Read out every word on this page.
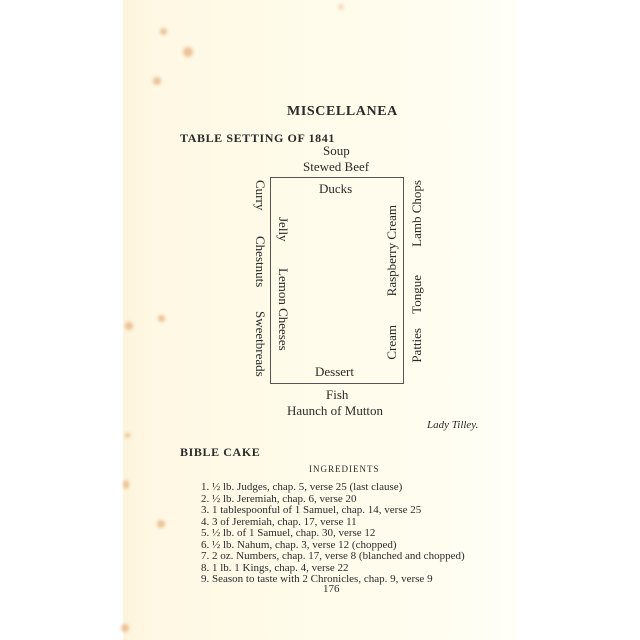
MISCELLANEA
TABLE SETTING OF 1841
Soup
Stewed Beef
Ducks
Dessert
Curry
Chestnuts
Sweetbreads
Jelly
Lemon Cheeses
Raspberry Cream
Cream
Lamb Chops
Tongue
Patties
Fish
Haunch of Mutton
Lady Tilley.
BIBLE CAKE
INGREDIENTS
1. ½ lb. Judges, chap. 5, verse 25 (last clause)
2. ½ lb. Jeremiah, chap. 6, verse 20
3. 1 tablespoonful of 1 Samuel, chap. 14, verse 25
4. 3 of Jeremiah, chap. 17, verse 11
5. ½ lb. of 1 Samuel, chap. 30, verse 12
6. ½ lb. Nahum, chap. 3, verse 12 (chopped)
7. 2 oz. Numbers, chap. 17, verse 8 (blanched and chopped)
8. 1 lb. 1 Kings, chap. 4, verse 22
9. Season to taste with 2 Chronicles, chap. 9, verse 9
176
